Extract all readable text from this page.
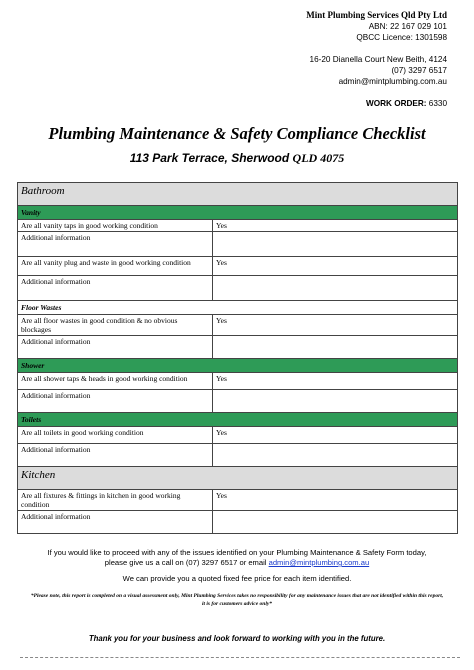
Mint Plumbing Services Qld Pty Ltd
ABN: 22 167 029 101
QBCC Licence: 1301598
16-20 Dianella Court New Beith, 4124
(07) 3297 6517
admin@mintplumbing.com.au
WORK ORDER: 6330
Plumbing Maintenance & Safety Compliance Checklist
113 Park Terrace, Sherwood QLD 4075
Bathroom	
Vanity	
Are all vanity taps in good working condition	Yes
Additional information	
Are all vanity plug and waste in good working condition	Yes
Additional information	
Floor Wastes	
Are all floor wastes in good condition & no obvious blockages	Yes
Additional information	
Shower	
Are all shower taps & heads in good working condition	Yes
Additional information	
Toilets	
Are all toilets in good working condition	Yes
Additional information	
Kitchen	
Are all fixtures & fittings in kitchen in good working condition	Yes
Additional information	
If you would like to proceed with any of the issues identified on your Plumbing Maintenance & Safety Form today,
please give us a call on (07) 3297 6517 or email admin@mintplumbing.com.au
We can provide you a quoted fixed fee price for each item identified.
*Please note, this report is completed on a visual assessment only, Mint Plumbing Services takes no responsibility for any maintenance issues that are not identified within this report, it is for customers advice only*
Thank you for your business and look forward to working with you in the future.
